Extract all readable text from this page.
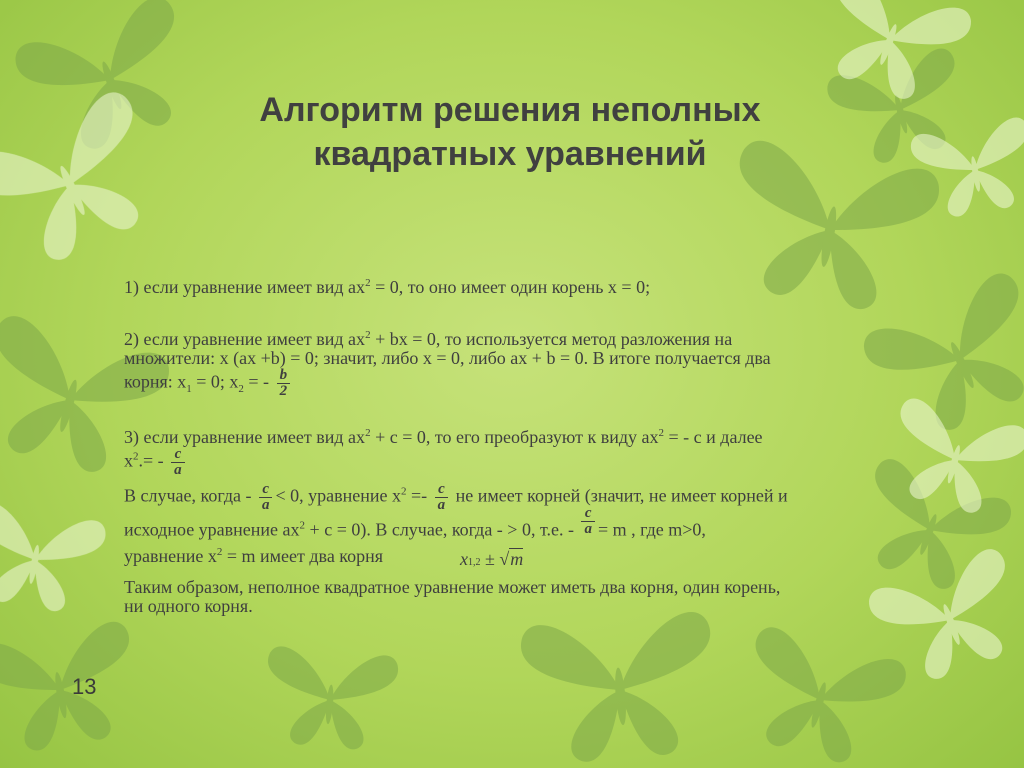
Алгоритм решения неполных
квадратных уравнений
1) если уравнение имеет вид $ах^2 = 0$, то оно имеет один корень х = 0;
2) если уравнение имеет вид $ах^2$ + bx = 0, то используется метод разложения на
множители: х (ах +b) = 0; значит, либо х = 0, либо ах + b = 0. В итоге получается два
корня: $х_1 = 0$; $х_2$ = - $\frac{b}{2}$
3) если уравнение имеет вид $ах^2 + с = 0$, то его преобразуют к виду $ах^2$ = - с и далее
$х^2.= - \frac{с}{а}$
В случае, когда - $\frac{с}{а} < 0$, уравнение $х^2 =- \frac{с}{а}$ не имеет корней (значит, не имеет корней и
исходное уравнение $ах^2 + с = 0$). В случае, когда - > 0, т.е. - $\frac{с}{а} = m$ , где m>0,
уравнение $х^2 = m$ имеет два корня	x1,2 ± √m
Таким образом, неполное квадратное уравнение может иметь два корня, один корень,
ни одного корня.
13
